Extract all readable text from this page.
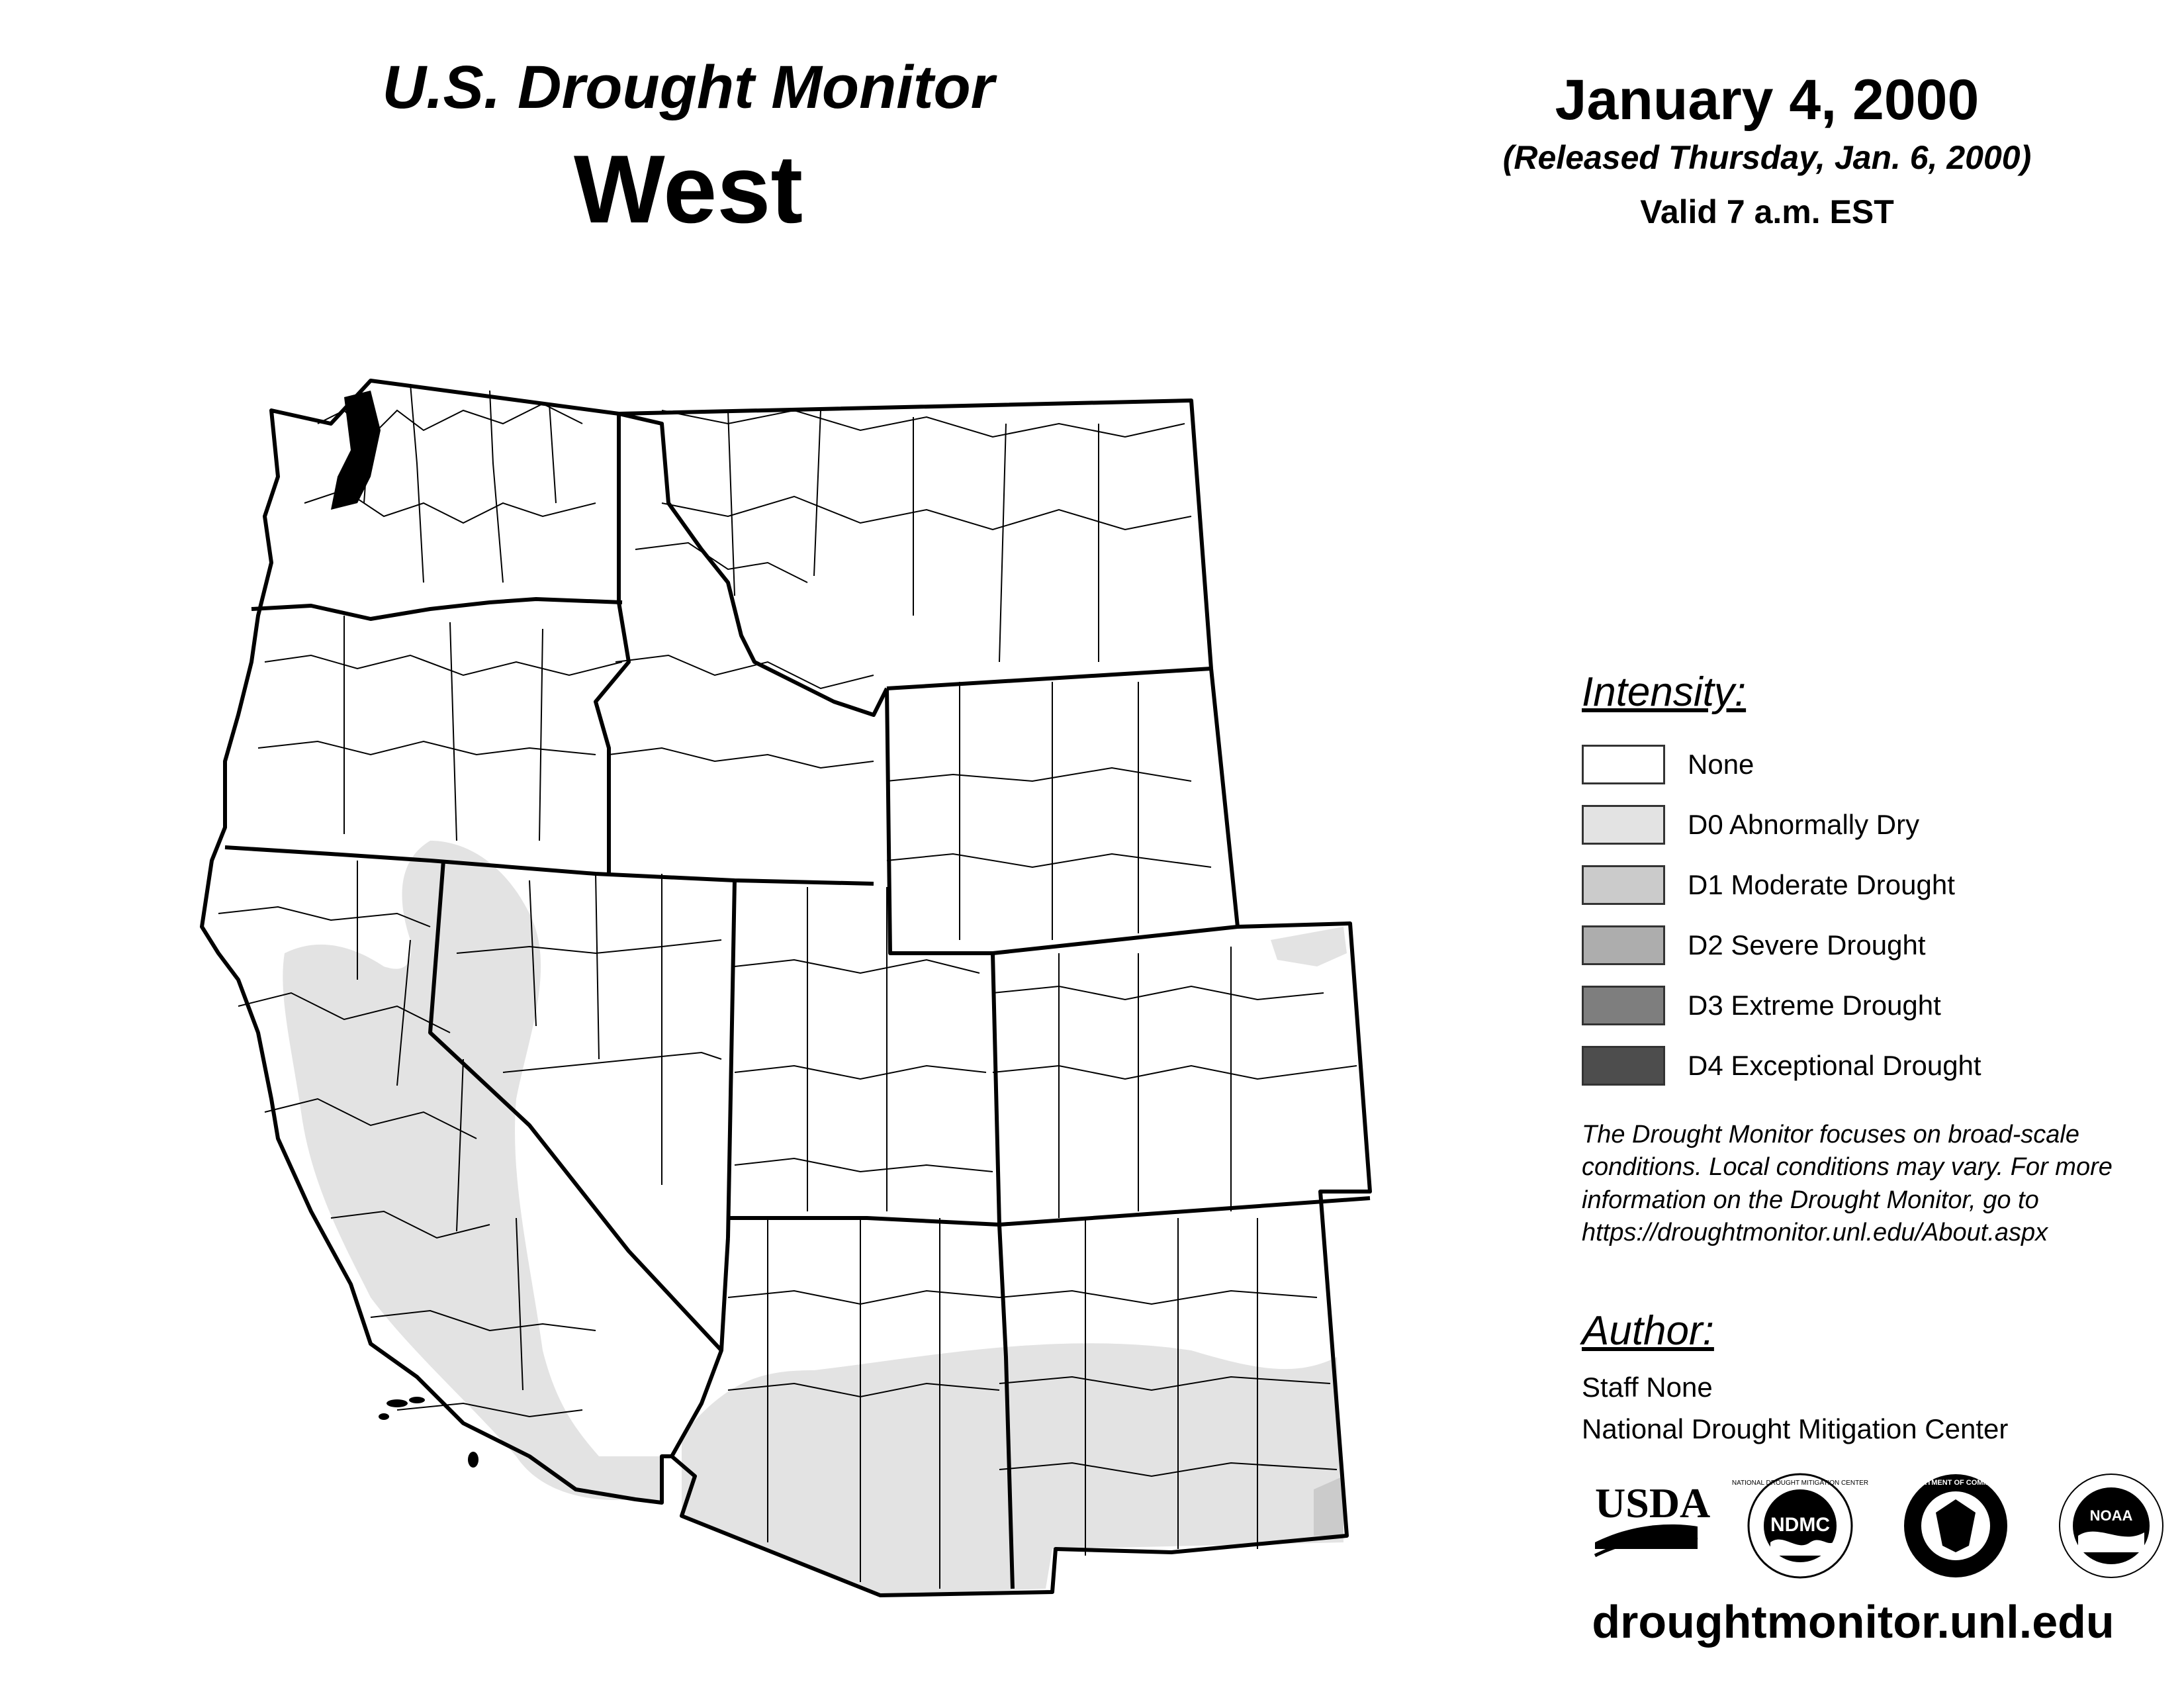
U.S. Drought Monitor
West
January 4, 2000
(Released Thursday, Jan. 6, 2000)
Valid 7 a.m. EST
Intensity:
None
D0 Abnormally Dry
D1 Moderate Drought
D2 Severe Drought
D3 Extreme Drought
D4 Exceptional Drought
The Drought Monitor focuses on broad-scale conditions. Local conditions may vary. For more information on the Drought Monitor, go to https://droughtmonitor.unl.edu/About.aspx
Author:
Staff None
National Drought Mitigation Center
USDA	NDMC
NATIONAL DROUGHT MITIGATION CENTER	DEPARTMENT OF COMMERCE
NOAA
droughtmonitor.unl.edu
